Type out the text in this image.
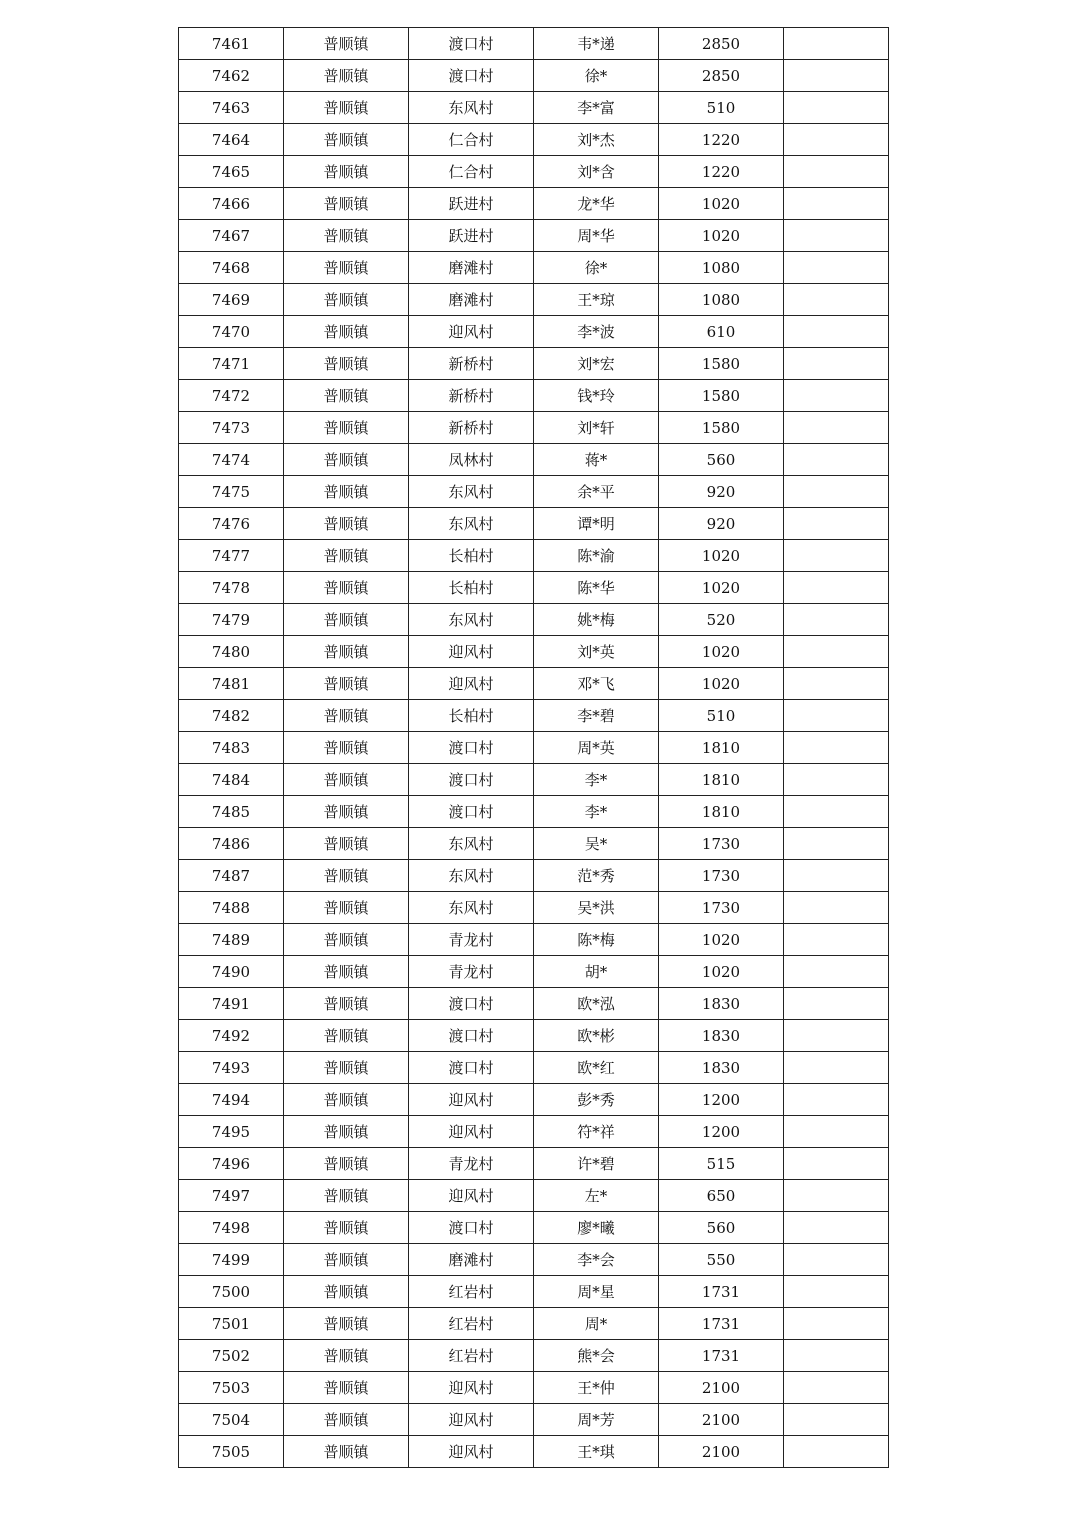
7461	普顺镇	渡口村	韦*递	2850	
7462	普顺镇	渡口村	徐*	2850	
7463	普顺镇	东风村	李*富	510	
7464	普顺镇	仁合村	刘*杰	1220	
7465	普顺镇	仁合村	刘*含	1220	
7466	普顺镇	跃进村	龙*华	1020	
7467	普顺镇	跃进村	周*华	1020	
7468	普顺镇	磨滩村	徐*	1080	
7469	普顺镇	磨滩村	王*琼	1080	
7470	普顺镇	迎风村	李*波	610	
7471	普顺镇	新桥村	刘*宏	1580	
7472	普顺镇	新桥村	钱*玲	1580	
7473	普顺镇	新桥村	刘*轩	1580	
7474	普顺镇	凤林村	蒋*	560	
7475	普顺镇	东风村	余*平	920	
7476	普顺镇	东风村	谭*明	920	
7477	普顺镇	长柏村	陈*渝	1020	
7478	普顺镇	长柏村	陈*华	1020	
7479	普顺镇	东风村	姚*梅	520	
7480	普顺镇	迎风村	刘*英	1020	
7481	普顺镇	迎风村	邓*飞	1020	
7482	普顺镇	长柏村	李*碧	510	
7483	普顺镇	渡口村	周*英	1810	
7484	普顺镇	渡口村	李*	1810	
7485	普顺镇	渡口村	李*	1810	
7486	普顺镇	东风村	吴*	1730	
7487	普顺镇	东风村	范*秀	1730	
7488	普顺镇	东风村	吴*洪	1730	
7489	普顺镇	青龙村	陈*梅	1020	
7490	普顺镇	青龙村	胡*	1020	
7491	普顺镇	渡口村	欧*泓	1830	
7492	普顺镇	渡口村	欧*彬	1830	
7493	普顺镇	渡口村	欧*红	1830	
7494	普顺镇	迎风村	彭*秀	1200	
7495	普顺镇	迎风村	符*祥	1200	
7496	普顺镇	青龙村	许*碧	515	
7497	普顺镇	迎风村	左*	650	
7498	普顺镇	渡口村	廖*曦	560	
7499	普顺镇	磨滩村	李*会	550	
7500	普顺镇	红岩村	周*星	1731	
7501	普顺镇	红岩村	周*	1731	
7502	普顺镇	红岩村	熊*会	1731	
7503	普顺镇	迎风村	王*仲	2100	
7504	普顺镇	迎风村	周*芳	2100	
7505	普顺镇	迎风村	王*琪	2100	
